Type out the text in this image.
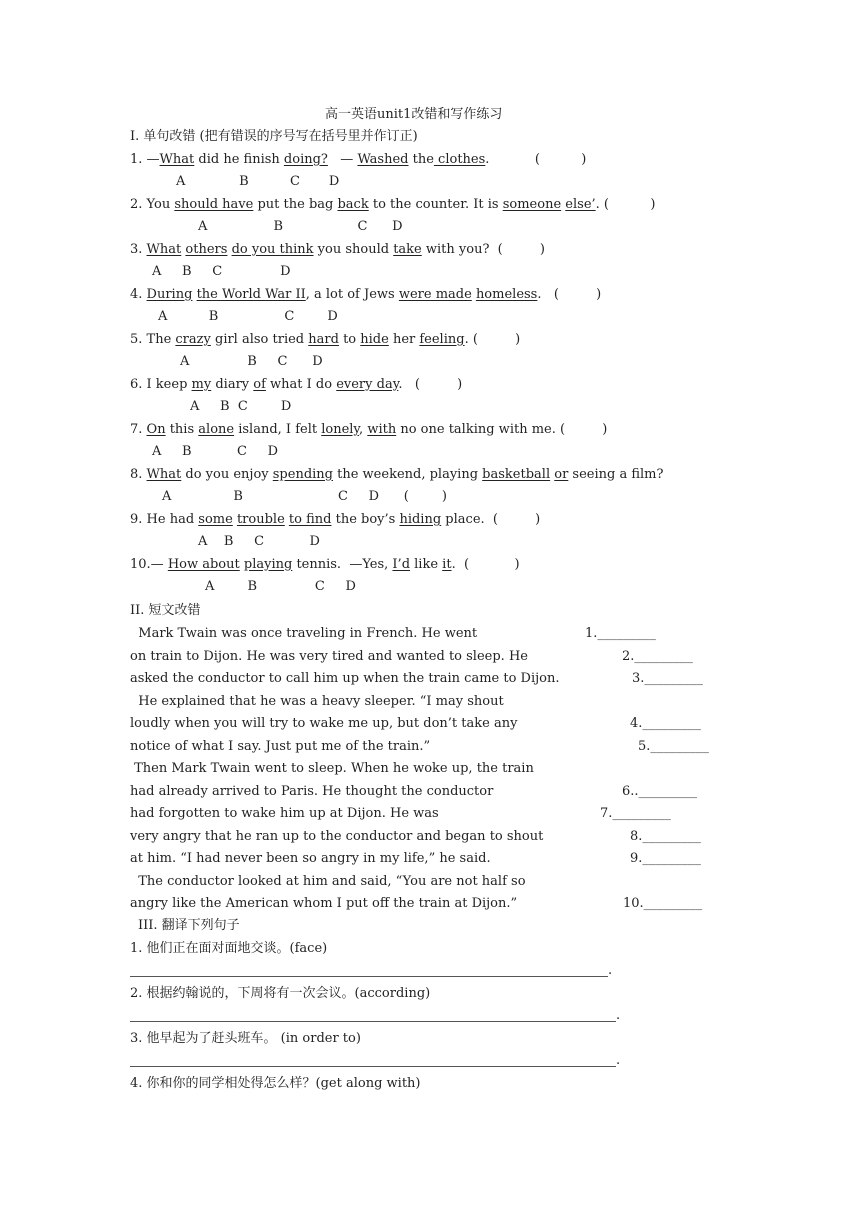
高一英语unit1改错和写作练习
I. 单句改错 (把有错误的序号写在括号里并作订正)
1. —What did he finish doing?   — Washed the clothes.           (          )
A             B          C       D
2. You should have put the bag back to the counter. It is someone else’. (          )
A                B                  C      D
3. What others do you think you should take with you?  (         )
A     B     C              D
4. During the World War II, a lot of Jews were made homeless.   (         )
A          B                C        D
5. The crazy girl also tried hard to hide her feeling. (         )
A              B     C      D
6. I keep my diary of what I do every day.   (         )
A     B  C        D
7. On this alone island, I felt lonely, with no one talking with me. (         )
A     B           C     D
8. What do you enjoy spending the weekend, playing basketball or seeing a film?
A               B                       C     D      (        )
9. He had some trouble to find the boy’s hiding place.  (         )
A    B     C           D
10.— How about playing tennis.  —Yes, I’d like it.  (           )
A        B              C     D
II. 短文改错
Mark Twain was once traveling in French. He went	1._________
on train to Dijon. He was very tired and wanted to sleep. He	2._________
asked the conductor to call him up when the train came to Dijon.	3._________
He explained that he was a heavy sleeper. “I may shout
loudly when you will try to wake me up, but don’t take any	4._________
notice of what I say. Just put me of the train.”	5._________
Then Mark Twain went to sleep. When he woke up, the train
had already arrived to Paris. He thought the conductor	6.._________
had forgotten to wake him up at Dijon. He was	7._________
very angry that he ran up to the conductor and began to shout	8._________
at him. “I had never been so angry in my life,” he said.	9._________
The conductor looked at him and said, “You are not half so
angry like the American whom I put off the train at Dijon.”	10._________
III. 翻译下列句子
1. 他们正在面对面地交谈。(face)
.
2. 根据约翰说的，下周将有一次会议。(according)
.
3. 他早起为了赶头班车。 (in order to)
.
4. 你和你的同学相处得怎么样？(get along with)
